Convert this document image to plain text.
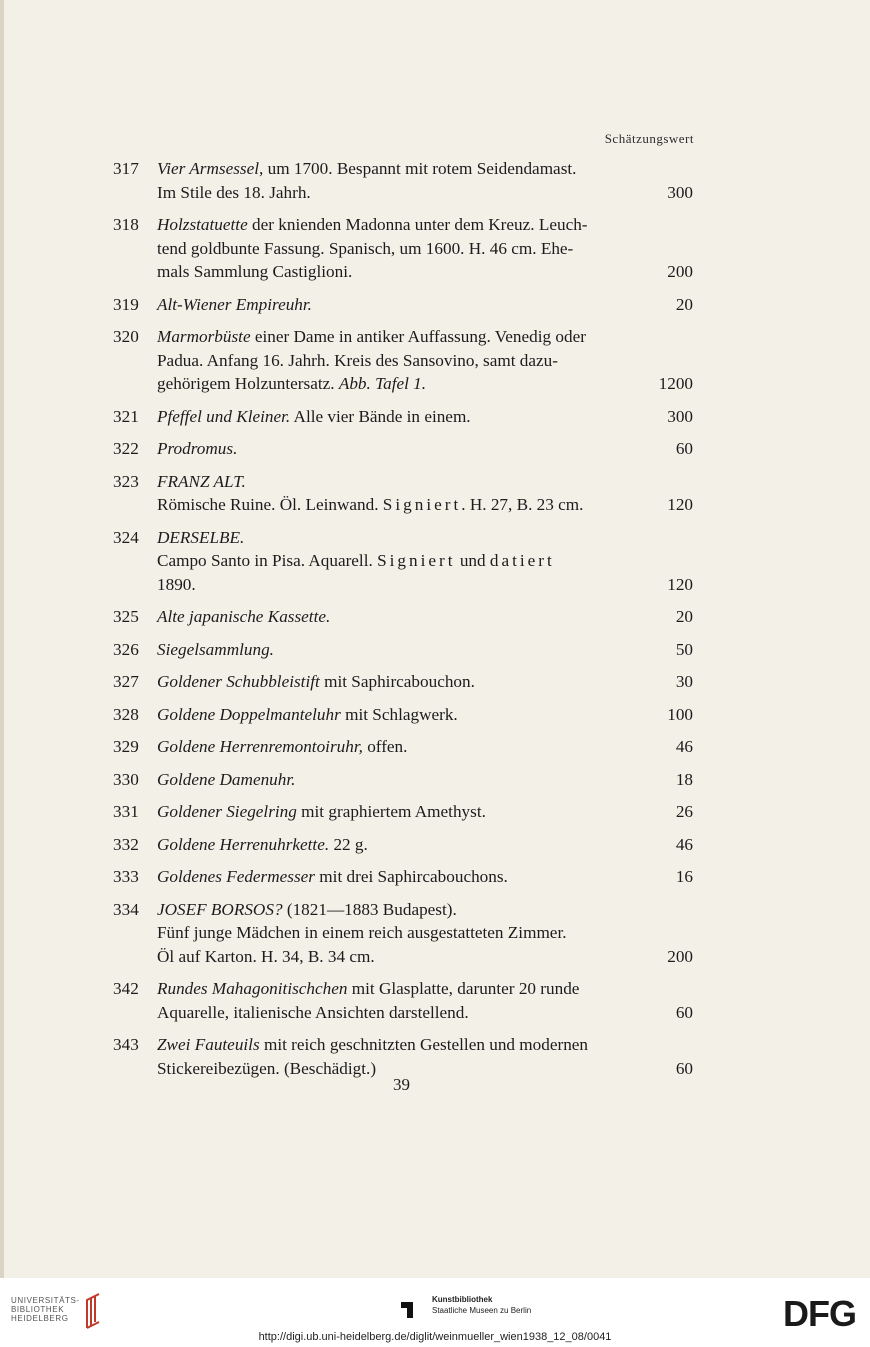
Schätzungswert
317	Vier Armsessel, um 1700. Bespannt mit rotem Seidendamast.
Im Stile des 18. Jahrh.	300
318	Holzstatuette der knienden Madonna unter dem Kreuz. Leuch-
tend goldbunte Fassung. Spanisch, um 1600. H. 46 cm. Ehe-
mals Sammlung Castiglioni.	200
319	Alt-Wiener Empireuhr.	20
320	Marmorbüste einer Dame in antiker Auffassung. Venedig oder
Padua. Anfang 16. Jahrh. Kreis des Sansovino, samt dazu-
gehörigem Holzuntersatz. Abb. Tafel 1.	1200
321	Pfeffel und Kleiner. Alle vier Bände in einem.	300
322	Prodromus.	60
323	FRANZ ALT.
Römische Ruine. Öl. Leinwand. Signiert. H. 27, B. 23 cm.	120
324	DERSELBE.
Campo Santo in Pisa. Aquarell. Signiert und datiert
1890.	120
325	Alte japanische Kassette.	20
326	Siegelsammlung.	50
327	Goldener Schubbleistift mit Saphircabouchon.	30
328	Goldene Doppelmanteluhr mit Schlagwerk.	100
329	Goldene Herrenremontoiruhr, offen.	46
330	Goldene Damenuhr.	18
331	Goldener Siegelring mit graphiertem Amethyst.	26
332	Goldene Herrenuhrkette. 22 g.	46
333	Goldenes Federmesser mit drei Saphircabouchons.	16
334	JOSEF BORSOS? (1821—1883 Budapest).
Fünf junge Mädchen in einem reich ausgestatteten Zimmer.
Öl auf Karton. H. 34, B. 34 cm.	200
342	Rundes Mahagonitischchen mit Glasplatte, darunter 20 runde
Aquarelle, italienische Ansichten darstellend.	60
343	Zwei Fauteuils mit reich geschnitzten Gestellen und modernen
Stickereibezügen. (Beschädigt.)	60
39
UNIVERSITÄTS-
BIBLIOTHEK
HEIDELBERG
Kunstbibliothek
Staatliche Museen zu Berlin	DFG
http://digi.ub.uni-heidelberg.de/diglit/weinmueller_wien1938_12_08/0041
